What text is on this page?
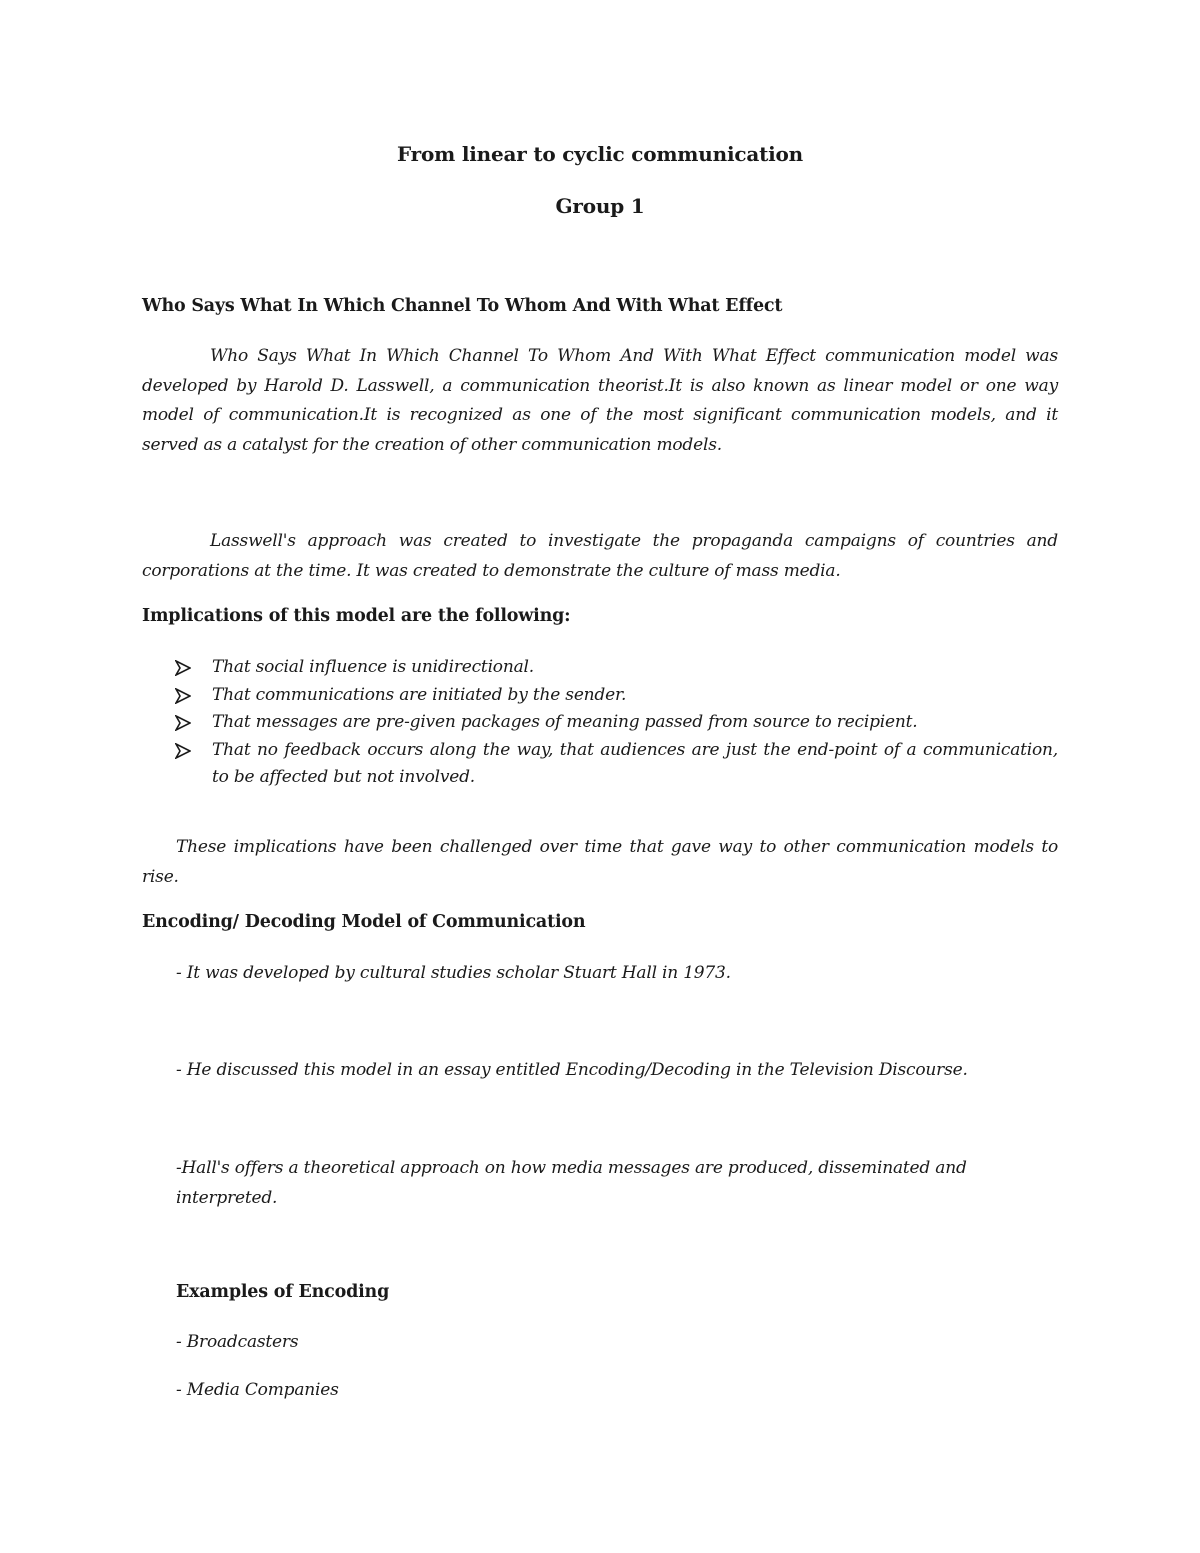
From linear to cyclic communication
Group 1
Who Says What In Which Channel To Whom And With What Effect

Who Says What In Which Channel To Whom And With What Effect communication model was developed by Harold D. Lasswell, a communication theorist.It is also known as linear model or one way model of communication.It is recognized as one of the most significant communication models, and it served as a catalyst for the creation of other communication models.

Lasswell's approach was created to investigate the propaganda campaigns of countries and corporations at the time. It was created to demonstrate the culture of mass media.

Implications of this model are the following:
That social influence is unidirectional.
That communications are initiated by the sender.
That messages are pre-given packages of meaning passed from source to recipient.
That no feedback occurs along the way, that audiences are just the end-point of a communication, to be affected but not involved.

These implications have been challenged over time that gave way to other communication models to rise.

Encoding/ Decoding Model of Communication

- It was developed by cultural studies scholar Stuart Hall in 1973.

- He discussed this model in an essay entitled Encoding/Decoding in the Television Discourse.

-Hall's offers a theoretical approach on how media messages are produced, disseminated and interpreted.

Examples of Encoding

- Broadcasters

- Media Companies
